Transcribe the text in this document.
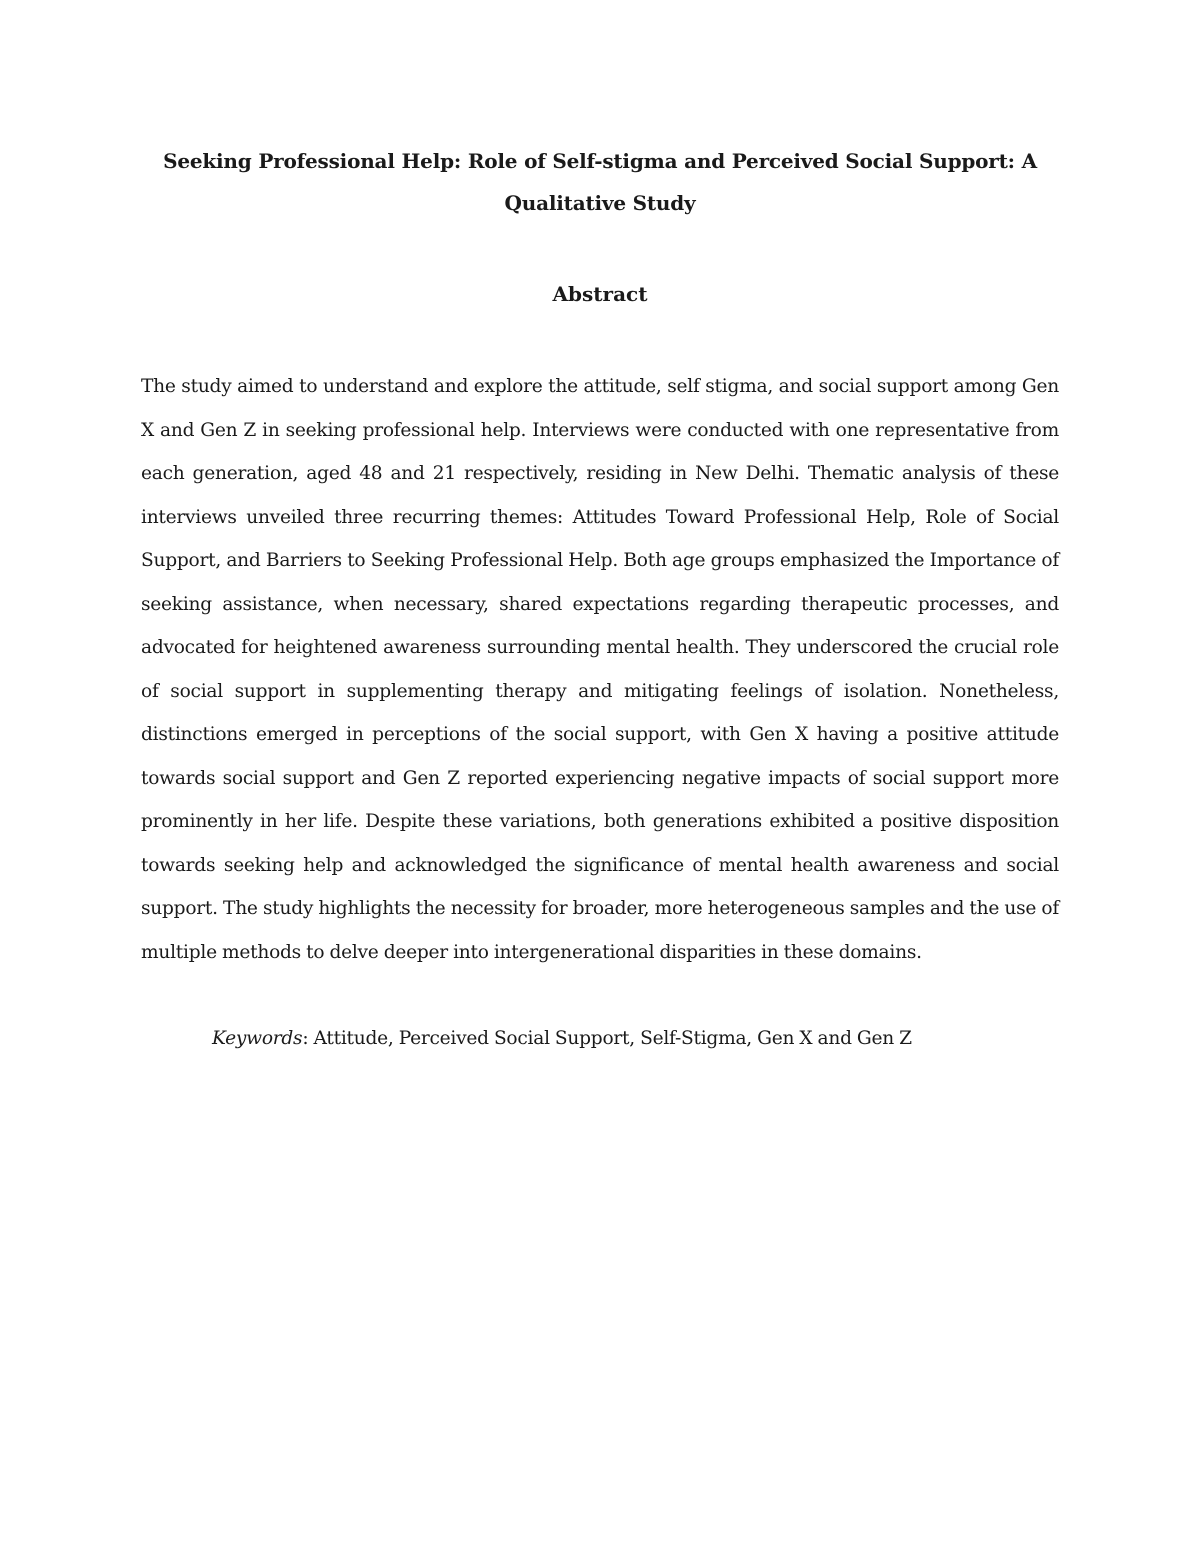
Seeking Professional Help: Role of Self-stigma and Perceived Social Support: A Qualitative Study
Abstract
The study aimed to understand and explore the attitude, self stigma, and social support among Gen X and Gen Z in seeking professional help. Interviews were conducted with one representative from each generation, aged 48 and 21 respectively, residing in New Delhi. Thematic analysis of these interviews unveiled three recurring themes: Attitudes Toward Professional Help, Role of Social Support, and Barriers to Seeking Professional Help. Both age groups emphasized the Importance of seeking assistance, when necessary, shared expectations regarding therapeutic processes, and advocated for heightened awareness surrounding mental health. They underscored the crucial role of social support in supplementing therapy and mitigating feelings of isolation. Nonetheless, distinctions emerged in perceptions of the social support, with Gen X having a positive attitude towards social support and Gen Z reported experiencing negative impacts of social support more prominently in her life. Despite these variations, both generations exhibited a positive disposition towards seeking help and acknowledged the significance of mental health awareness and social support. The study highlights the necessity for broader, more heterogeneous samples and the use of multiple methods to delve deeper into intergenerational disparities in these domains.
Keywords: Attitude, Perceived Social Support, Self-Stigma, Gen X and Gen Z
